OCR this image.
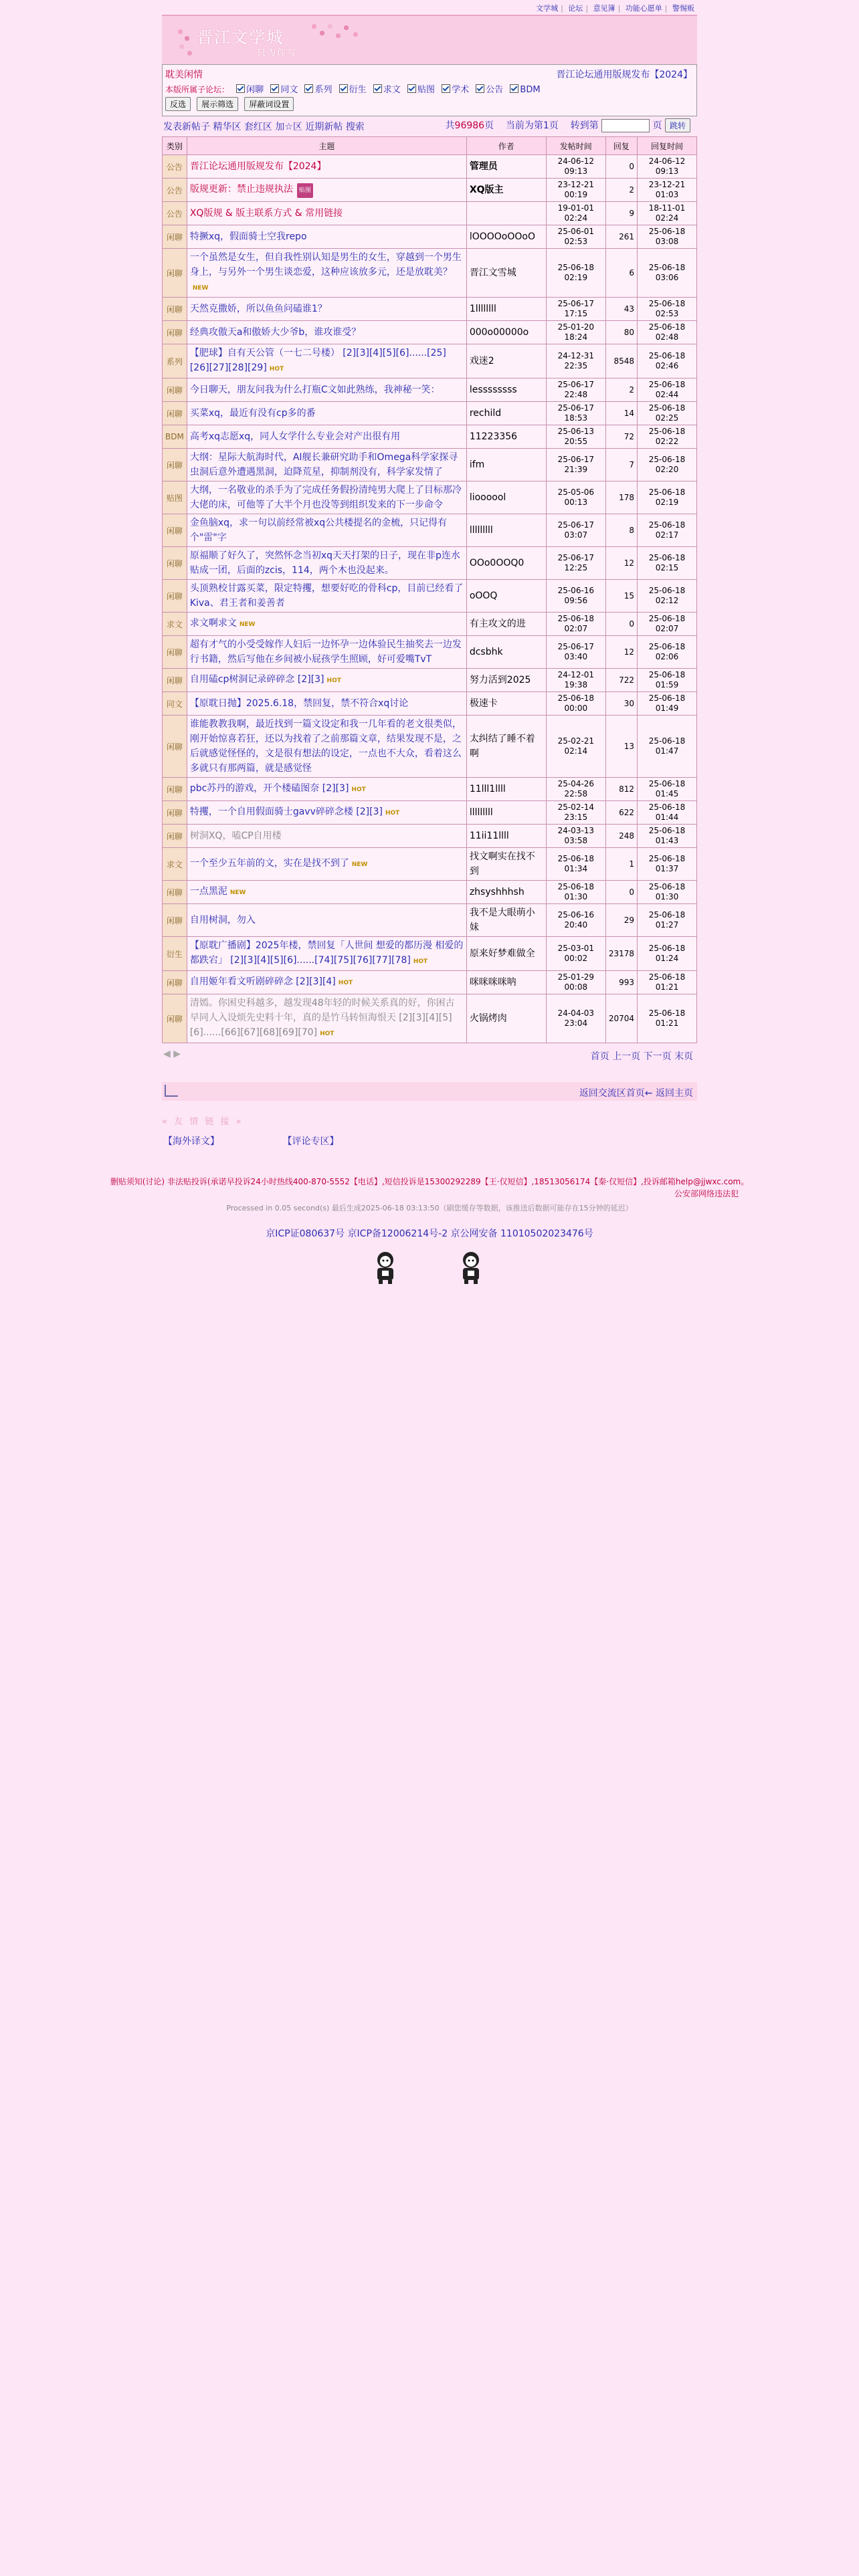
文学城 | 论坛 | 意见簿 | 功能心愿单 | 警惕贩
晋江文学城
只为你写
耽美闲情	晋江论坛通用版规发布【2024】
本版所属子论坛： 闲聊 同文 系列 衍生 求文 贴图 学术 公告 BDM
反选 展示筛选 屏蔽词设置
发表新帖子 精华区 套红区 加☆区 近期新帖 搜索	共96986页 当前为第1页 转到第	页 跳转
类别	主题	作者	发帖时间	回复	回复时间
公告	晋江论坛通用版规发布【2024】	管理员	24-06-12 09:13	0	24-06-12 09:13
公告	版规更新：禁止违规执法 贴图	XQ版主	23-12-21 00:19	2	23-12-21 01:03
公告	XQ版规 & 版主联系方式 & 常用链接		19-01-01 02:24	9	18-11-01 02:24
闲聊	特撅xq，假面骑士空我repo	lOOOOoOOoO	25-06-01 02:53	261	25-06-18 03:08
闲聊	一个虽然是女生，但自我性别认知是男生的女生，穿越到一个男生身上，与另外一个男生谈恋爱，这种应该放多元，还是放耽美？NEW	晋江文雪城	25-06-18 02:19	6	25-06-18 03:06
闲聊	天然克撒娇，所以鱼鱼问磕谁1？	1llllllll	25-06-17 17:15	43	25-06-18 02:53
闲聊	经典攻傲天a和傲娇大少爷b，谁攻谁受？	000o00000o	25-01-20 18:24	80	25-06-18 02:48
系列	【肥球】自有天公管（一七二号楼） [2][3][4][5][6]......[25][26][27][28][29] HOT	戏迷2	24-12-31 22:35	8548	25-06-18 02:46
闲聊	今日聊天，朋友问我为什么打瓶C文如此熟练，我神秘一笑：	lessssssss	25-06-17 22:48	2	25-06-18 02:44
闲聊	买菜xq，最近有没有cp多的番	rechild	25-06-17 18:53	14	25-06-18 02:25
BDM	高考xq志愿xq，同人女学什么专业会对产出很有用	11223356	25-06-13 20:55	72	25-06-18 02:22
闲聊	大纲：星际大航海时代，AI舰长兼研究助手和Omega科学家探寻虫洞后意外遭遇黑洞，迫降荒星，抑制剂没有，科学家发情了	ifm	25-06-17 21:39	7	25-06-18 02:20
贴图	大纲，一名敬业的杀手为了完成任务假扮清纯男大爬上了目标那冷大佬的床，可他等了大半个月也没等到组织发来的下一步命令	lioooool	25-05-06 00:13	178	25-06-18 02:19
闲聊	金鱼脑xq，求一句以前经常被xq公共楼提名的金梳，只记得有个"雷"字	lllllllll	25-06-17 03:07	8	25-06-18 02:17
闲聊	原福顺了好久了，突然怀念当初xq天天打架的日子，现在非p连水贴成一团，后面的zcis，114，两个木也没起来。	OOo0OOQ0	25-06-17 12:25	12	25-06-18 02:15
闲聊	头顶熟校甘露买菜，限定特攫，想要好吃的骨科cp，目前已经看了Kiva、君王者和姜善者	oOOQ	25-06-16 09:56	15	25-06-18 02:12
求文	求文啊求文 NEW	有主攻文的进	25-06-18 02:07	0	25-06-18 02:07
闲聊	超有才气的小受受嫁作人妇后一边怀孕一边体验民生抽奖去一边发行书籍，然后写他在乡间被小屁孩学生照顾，好可爱嘴TvT	dcsbhk	25-06-17 03:40	12	25-06-18 02:06
闲聊	自用磕cp树洞记录碎碎念 [2][3] HOT	努力活到2025	24-12-01 19:38	722	25-06-18 01:59
同文	【原耽日抛】2025.6.18，禁回复，禁不符合xq讨论	极速卡	25-06-18 00:00	30	25-06-18 01:49
闲聊	谁能教教我啊，最近找到一篇文设定和我一几年看的老文很类似，刚开始惊喜若狂，还以为找着了之前那篇文章，结果发现不是，之后就感觉怪怪的，文是很有想法的设定，一点也不大众，看着这么多就只有那两篇，就是感觉怪	太纠结了睡不着啊	25-02-21 02:14	13	25-06-18 01:47
闲聊	pbc苏丹的游戏，开个楼磕图奈 [2][3] HOT	11lll1llll	25-04-26 22:58	812	25-06-18 01:45
闲聊	特攫，一个自用假面骑士gavv碎碎念楼 [2][3] HOT	lllllllll	25-02-14 23:15	622	25-06-18 01:44
闲聊	树洞XQ，嗑CP自用楼	11ii11llll	24-03-13 03:58	248	25-06-18 01:43
求文	一个至少五年前的文，实在是找不到了 NEW	找文啊实在找不到	25-06-18 01:34	1	25-06-18 01:37
闲聊	一点黑泥 NEW	zhsyshhhsh	25-06-18 01:30	0	25-06-18 01:30
闲聊	自用树洞，勿入	我不是大眼萌小妹	25-06-16 20:40	29	25-06-18 01:27
衍生	【原耽广播剧】2025年楼，禁回复「人世间 想爱的都历漫 相爱的都跌宕」 [2][3][4][5][6]......[74][75][76][77][78] HOT	原来好梦难做全	25-03-01 00:02	23178	25-06-18 01:24
闲聊	自用姬年看文听剧碎碎念 [2][3][4] HOT	咪咪咪咪呐	25-01-29 00:08	993	25-06-18 01:21
闲聊	清嫣。你困史科越多，越发现48年轻的时候关系真的好，你困古早同人入设烦先史料十年，真的是竹马转恒海恨天 [2][3][4][5][6]......[66][67][68][69][70] HOT	火锅烤肉	24-04-03 23:04	20704	25-06-18 01:21
◀ ▶	首页 上一页 下一页 末页
返回交流区首页← 返回主页
« 友 情 链 接 »
【海外译文】	【评论专区】
删贴须知(讨论) 非法贴投诉(承诺早投诉24小时热线400-870-5552【电话】,短信投诉是15300292289【王·仅短信】,18513056174【秦·仅短信】,投诉邮箱help@jjwxc.com。
公安部网络违法犯
Processed in 0.05 second(s) 最后生成2025-06-18 03:13:50（刷您缓存等数据，该推送后数据可能存在15分钟的延迟）
京ICP证080637号 京ICP备12006214号-2 京公网安备 11010502023476号
